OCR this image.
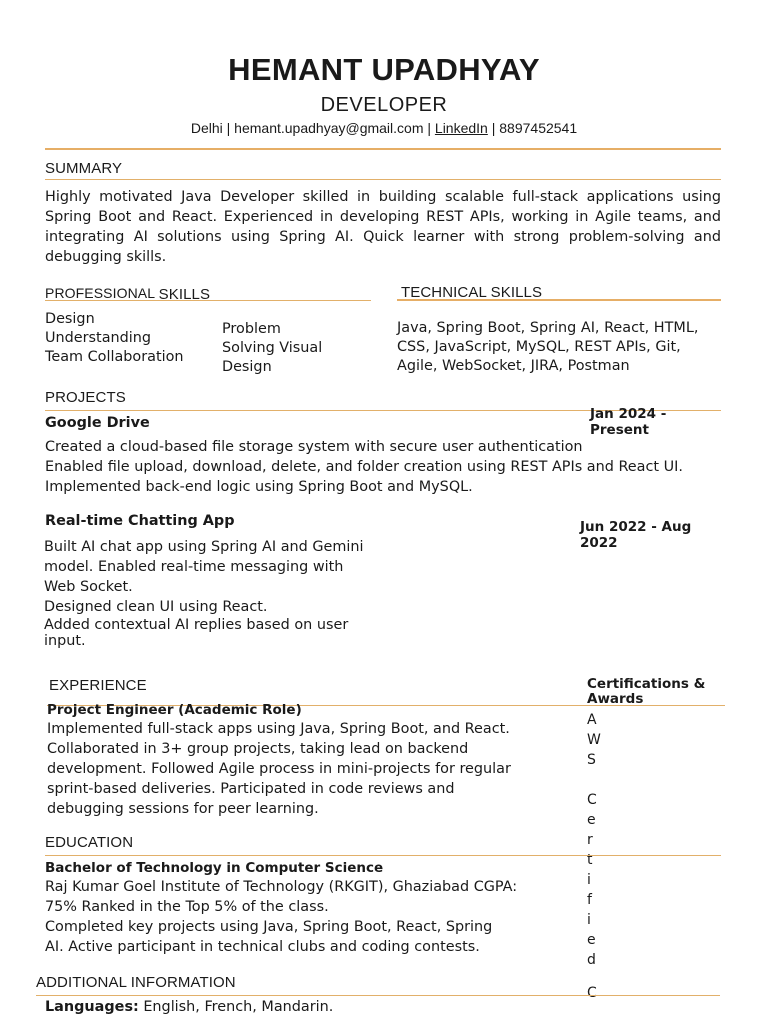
HEMANT UPADHYAY
DEVELOPER
Delhi | hemant.upadhyay@gmail.com | LinkedIn | 8897452541
SUMMARY
Highly motivated Java Developer skilled in building scalable full-stack applications using Spring Boot and React. Experienced in developing REST APIs, working in Agile teams, and integrating AI solutions using Spring AI. Quick learner with strong problem-solving and debugging skills.
PROFESSIONAL SKILLS
Design
Understanding
Team Collaboration
Problem
Solving Visual
Design
TECHNICAL SKILLS
Java, Spring Boot, Spring AI, React, HTML,
CSS, JavaScript, MySQL, REST APIs, Git,
Agile, WebSocket, JIRA, Postman
PROJECTS
Google Drive
Jan 2024 -
Present
Created a cloud-based file storage system with secure user authentication
Enabled file upload, download, delete, and folder creation using REST APIs and React UI.
Implemented back-end logic using Spring Boot and MySQL.
Real-time Chatting App	Jun 2022 - Aug
2022
Built AI chat app using Spring AI and Gemini
model. Enabled real-time messaging with
Web Socket.
Designed clean UI using React.
Added contextual AI replies based on user
input.
EXPERIENCE
Project Engineer (Academic Role)
Implemented full-stack apps using Java, Spring Boot, and React.
Collaborated in 3+ group projects, taking lead on backend
development. Followed Agile process in mini-projects for regular
sprint-based deliveries. Participated in code reviews and
debugging sessions for peer learning.
Certifications &
Awards
A
W
S
C
e
r
t
i
f
i
e
d
C
EDUCATION
Bachelor of Technology in Computer Science
Raj Kumar Goel Institute of Technology (RKGIT), Ghaziabad CGPA:
75% Ranked in the Top 5% of the class.
Completed key projects using Java, Spring Boot, React, Spring
AI. Active participant in technical clubs and coding contests.
ADDITIONAL INFORMATION
Languages: English, French, Mandarin.
